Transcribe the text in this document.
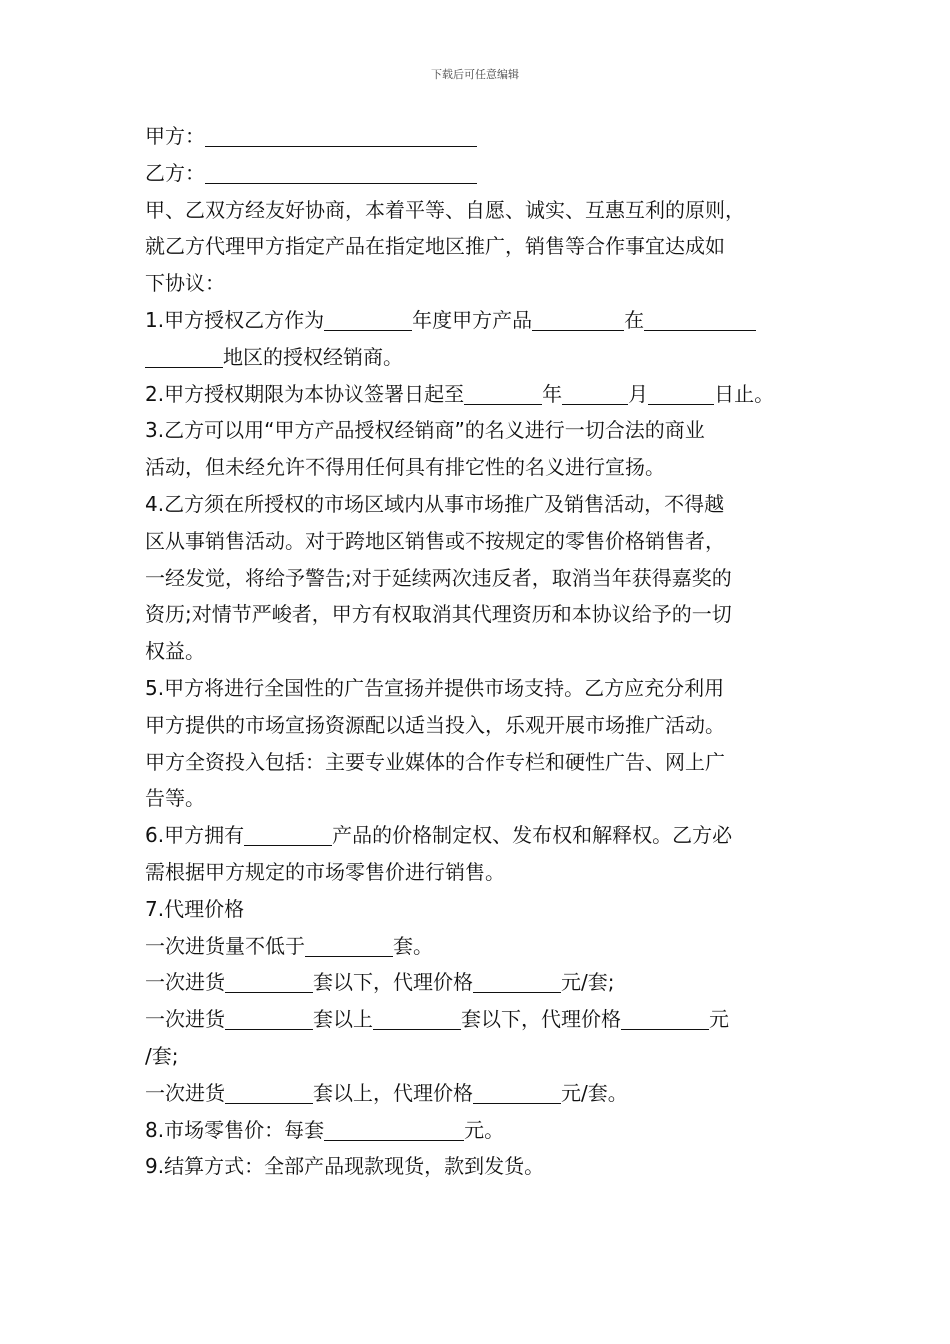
下载后可任意编辑
甲方：
乙方：
甲、乙双方经友好协商，本着平等、自愿、诚实、互惠互利的原则，
就乙方代理甲方指定产品在指定地区推广，销售等合作事宜达成如
下协议：
1.甲方授权乙方作为	年度甲方产品	在
地区的授权经销商。
2.甲方授权期限为本协议签署日起至	年	月	日止。
3.乙方可以用“甲方产品授权经销商”的名义进行一切合法的商业
活动，但未经允许不得用任何具有排它性的名义进行宣扬。
4.乙方须在所授权的市场区域内从事市场推广及销售活动，不得越
区从事销售活动。对于跨地区销售或不按规定的零售价格销售者，
一经发觉，将给予警告;对于延续两次违反者，取消当年获得嘉奖的
资历;对情节严峻者，甲方有权取消其代理资历和本协议给予的一切
权益。
5.甲方将进行全国性的广告宣扬并提供市场支持。乙方应充分利用
甲方提供的市场宣扬资源配以适当投入，乐观开展市场推广活动。
甲方全资投入包括：主要专业媒体的合作专栏和硬性广告、网上广
告等。
6.甲方拥有	产品的价格制定权、发布权和解释权。乙方必
需根据甲方规定的市场零售价进行销售。
7.代理价格
一次进货量不低于	套。
一次进货	套以下，代理价格	元/套;
一次进货	套以上	套以下，代理价格	元
/套;
一次进货	套以上，代理价格	元/套。
8.市场零售价：每套	元。
9.结算方式：全部产品现款现货，款到发货。
